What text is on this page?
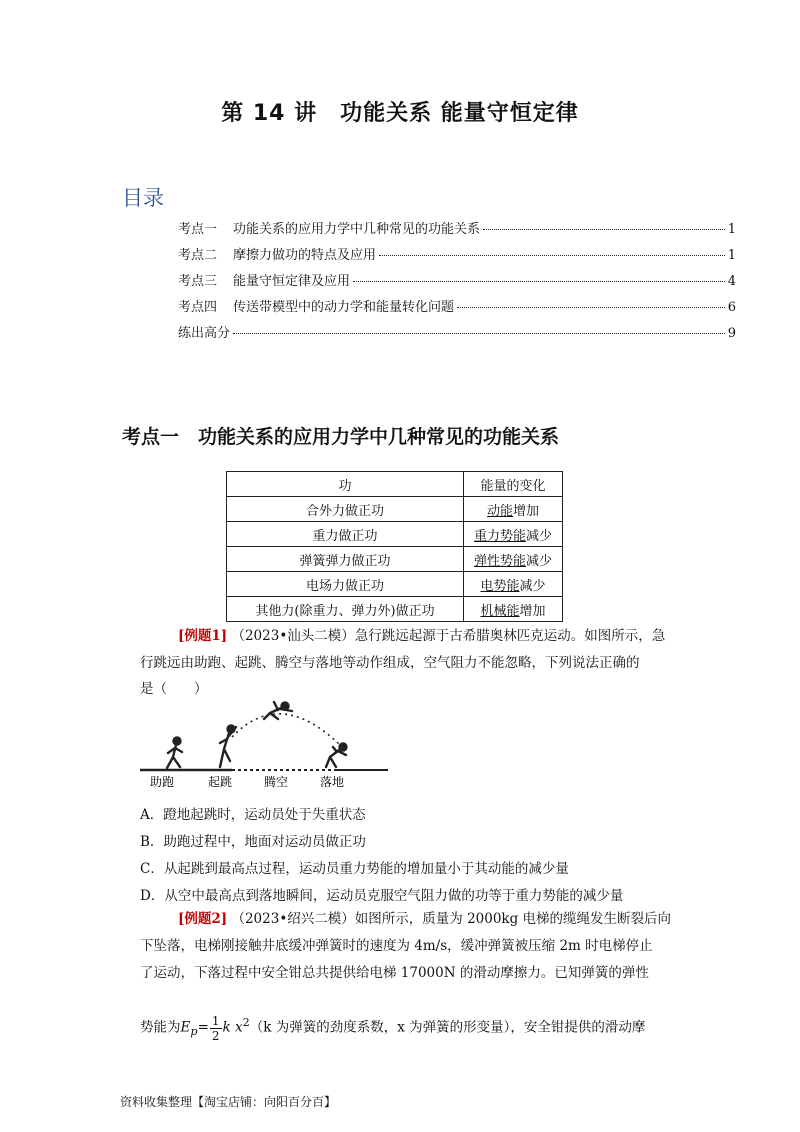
第 14 讲　功能关系 能量守恒定律
目录
考点一 功能关系的应用力学中几种常见的功能关系	1
考点二 摩擦力做功的特点及应用	1
考点三 能量守恒定律及应用	4
考点四 传送带模型中的动力学和能量转化问题	6
练出高分	9
考点一　功能关系的应用力学中几种常见的功能关系
功	能量的变化
合外力做正功	动能增加
重力做正功	重力势能减少
弹簧弹力做正功	弹性势能减少
电场力做正功	电势能减少
其他力(除重力、弹力外)做正功	机械能增加
[例题1] （2023•汕头二模）急行跳远起源于古希腊奥林匹克运动。如图所示，急
行跳远由助跑、起跳、腾空与落地等动作组成，空气阻力不能忽略，下列说法正确的
是（　　）
助跑	起跳	腾空	落地
A．蹬地起跳时，运动员处于失重状态
B．助跑过程中，地面对运动员做正功
C．从起跳到最高点过程，运动员重力势能的增加量小于其动能的减少量
D．从空中最高点到落地瞬间，运动员克服空气阻力做的功等于重力势能的减少量
[例题2] （2023•绍兴二模）如图所示，质量为 2000kg 电梯的缆绳发生断裂后向
下坠落，电梯刚接触井底缓冲弹簧时的速度为 4m/s，缓冲弹簧被压缩 2m 时电梯停止
了运动，下落过程中安全钳总共提供给电梯 17000N 的滑动摩擦力。已知弹簧的弹性
势能为$E_p= \frac{1}{2}$ k $x^2(k$ 为弹簧的劲度系数，x 为弹簧的形变量），安全钳提供的滑动摩
资料收集整理【淘宝店铺：向阳百分百】
